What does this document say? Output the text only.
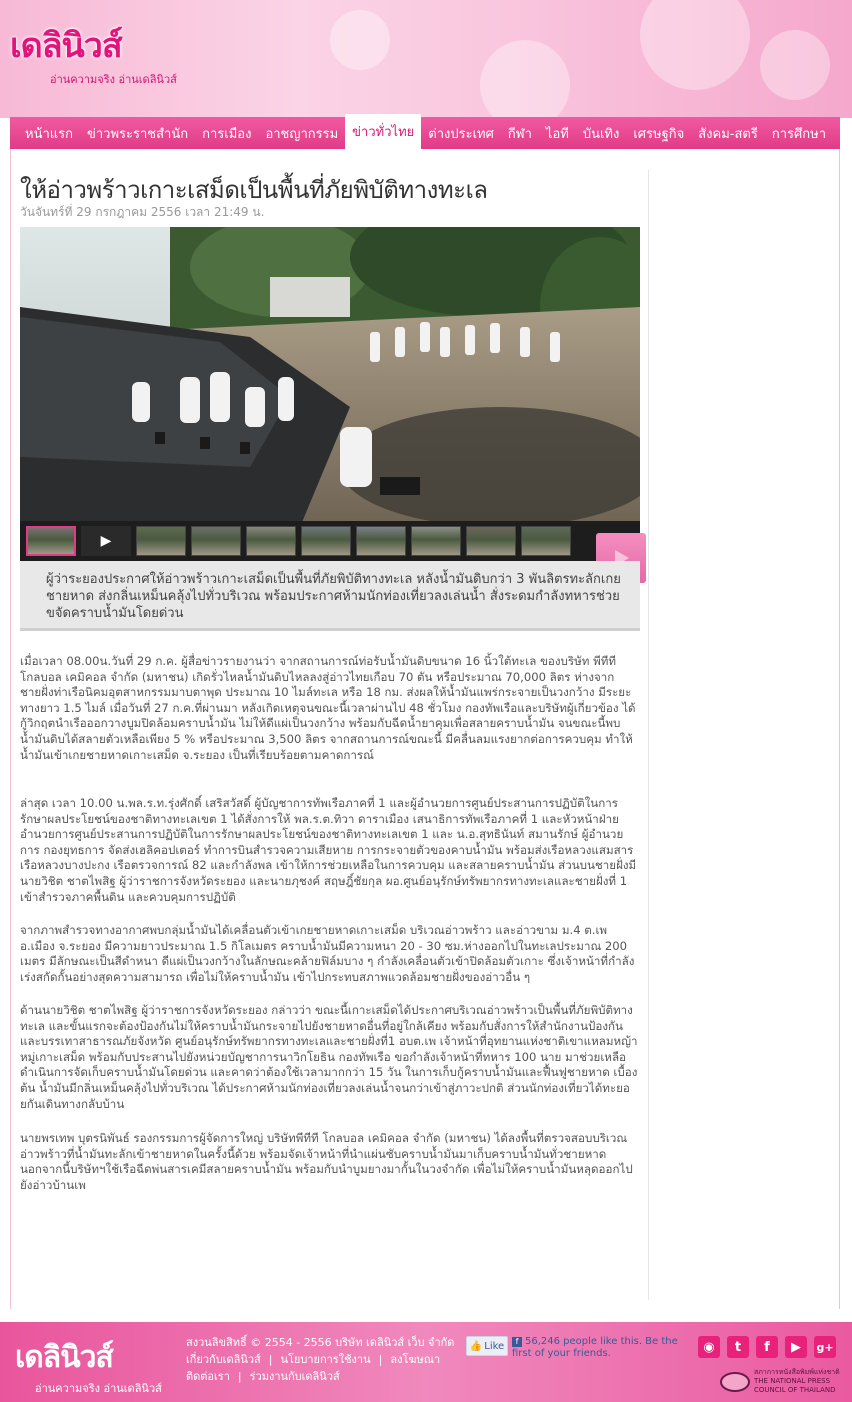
เดลินิวส์
อ่านความจริง อ่านเดลินิวส์
หน้าแรก	ข่าวพระราชสำนัก	การเมือง	อาชญากรรม	ข่าวทั่วไทย	ต่างประเทศ	กีฬา	ไอที	บันเทิง	เศรษฐกิจ	สังคม-สตรี	การศึกษา
ให้อ่าวพร้าวเกาะเสม็ดเป็นพื้นที่ภัยพิบัติทางทะเล
วันจันทร์ที่ 29 กรกฎาคม 2556 เวลา 21:49 น.
▶
ผู้ว่าระยองประกาศให้อ่าวพร้าวเกาะเสม็ดเป็นพื้นที่ภัยพิบัติทางทะเล หลังน้ำมันดิบกว่า 3 พันลิตรทะลักเกยชายหาด ส่งกลิ่นเหม็นคลุ้งไปทั่วบริเวณ พร้อมประกาศห้ามนักท่องเที่ยวลงเล่นน้ำ สั่งระดมกำลังทหารช่วยขจัดคราบน้ำมันโดยด่วน

เมื่อเวลา 08.00น.วันที่ 29 ก.ค. ผู้สื่อข่าวรายงานว่า จากสถานการณ์ท่อรับน้ำมันดิบขนาด 16 นิ้วใต้ทะเล ของบริษัท พีทีที โกลบอล เคมิคอล จำกัด (มหาชน) เกิดรั่วไหลน้ำมันดิบไหลลงสู่อ่าวไทยเกือบ 70 ตัน หรือประมาณ 70,000 ลิตร ห่างจากชายฝั่งท่าเรือนิคมอุตสาหกรรมมาบตาพุด ประมาณ 10 ไมล์ทะเล หรือ 18 กม. ส่งผลให้น้ำมันแพร่กระจายเป็นวงกว้าง มีระยะทางยาว 1.5 ไมล์ เมื่อวันที่ 27 ก.ค.ที่ผ่านมา หลังเกิดเหตุจนขณะนี้เวลาผ่านไป 48 ชั่วโมง กองทัพเรือและบริษัทผู้เกี่ยวข้อง ได้กู้วิกฤตนำเรือออกวางบูมปิดล้อมคราบน้ำมัน ไม่ให้ดีแผ่เป็นวงกว้าง พร้อมกับฉีดน้ำยาคุมเพื่อสลายคราบน้ำมัน จนขณะนี้พบน้ำมันดิบได้สลายตัวเหลือเพียง 5 % หรือประมาณ 3,500 ลิตร จากสถานการณ์ขณะนี้ มีคลื่นลมแรงยากต่อการควบคุม ทำให้น้ำมันเข้าเกยชายหาดเกาะเสม็ด จ.ระยอง เป็นที่เรียบร้อยตามคาดการณ์

ล่าสุด เวลา 10.00 น.พล.ร.ท.รุ่งศักดิ์ เสริสวัสดิ์ ผู้บัญชาการทัพเรือภาคที่ 1 และผู้อำนวยการศูนย์ประสานการปฏิบัติในการรักษาผลประโยชน์ของชาติทางทะเลเขต 1 ได้สั่งการให้ พล.ร.ต.ทิวา ดาราเมือง เสนาธิการทัพเรือภาคที่ 1 และหัวหน้าฝ่ายอำนวยการศูนย์ประสานการปฏิบัติในการรักษาผลประโยชน์ของชาติทางทะเลเขต 1 และ น.อ.สุทธินันท์ สมานรักษ์ ผู้อำนวยการ กองยุทธการ จัดส่งเฮลิคอปเตอร์ ทำการบินสำรวจความเสียหาย การกระจายตัวของคาบน้ำมัน พร้อมส่งเรือหลวงแสมสาร เรือหลวงบางปะกง เรือตรวจการณ์ 82 และกำลังพล เข้าให้การช่วยเหลือในการควบคุม และสลายคราบน้ำมัน ส่วนบนชายฝั่งมี นายวิชิต ชาตไพสิฐ ผู้ว่าราชการจังหวัดระยอง และนายภุชงค์ สฤษฎิ์ชัยกุล ผอ.ศูนย์อนุรักษ์ทรัพยากรทางทะเลและชายฝั่งที่ 1 เข้าสำรวจภาคพื้นดิน และควบคุมการปฏิบัติ

จากภาพสำรวจทางอากาศพบกลุ่มน้ำมันได้เคลื่อนตัวเข้าเกยชายหาดเกาะเสม็ด บริเวณอ่าวพร้าว และอ่าวขาม ม.4 ต.เพ อ.เมือง จ.ระยอง มีความยาวประมาณ 1.5 กิโลเมตร คราบน้ำมันมีความหนา 20 - 30 ซม.ห่างออกไปในทะเลประมาณ 200 เมตร มีลักษณะเป็นสีดำหนา ดีแผ่เป็นวงกว้างในลักษณะคล้ายฟิล์มบาง ๆ กำลังเคลื่อนตัวเข้าปิดล้อมตัวเกาะ ซึ่งเจ้าหน้าที่กำลังเร่งสกัดกั้นอย่างสุดความสามารถ เพื่อไม่ให้คราบน้ำมัน เข้าไปกระทบสภาพแวดล้อมชายฝั่งของอ่าวอื่น ๆ

ด้านนายวิชิต ชาตไพสิฐ ผู้ว่าราชการจังหวัดระยอง กล่าวว่า ขณะนี้เกาะเสม็ดได้ประกาศบริเวณอ่าวพร้าวเป็นพื้นที่ภัยพิบัติทางทะเล และขั้นแรกจะต้องป้องกันไม่ให้คราบน้ำมันกระจายไปยังชายหาดอื่นที่อยู่ใกล้เคียง พร้อมกับสั่งการให้สำนักงานป้องกันและบรรเทาสาธารณภัยจังหวัด ศูนย์อนุรักษ์ทรัพยากรทางทะเลและชายฝั่งที่1 อบต.เพ เจ้าหน้าที่อุทยานแห่งชาติเขาแหลมหญ้าหมู่เกาะเสม็ด พร้อมกับประสานไปยังหน่วยบัญชาการนาวิกโยธิน กองทัพเรือ ขอกำลังเจ้าหน้าที่ทหาร 100 นาย มาช่วยเหลือดำเนินการจัดเก็บคราบน้ำมันโดยด่วน และคาดว่าต้องใช้เวลามากกว่า 15 วัน ในการเก็บกู้คราบน้ำมันและฟื้นฟูชายหาด เบื้องต้น น้ำมันมีกลิ่นเหม็นคลุ้งไปทั่วบริเวณ ได้ประกาศห้ามนักท่องเที่ยวลงเล่นน้ำจนกว่าเข้าสู่ภาวะปกติ ส่วนนักท่องเที่ยวได้ทะยอยกันเดินทางกลับบ้าน

นายพรเทพ บุตรนิพันธ์ รองกรรมการผู้จัดการใหญ่ บริษัทพีทีที โกลบอล เคมิคอล จำกัด (มหาชน) ได้ลงพื้นที่ตรวจสอบบริเวณอ่าวพร้าวที่น้ำมันทะลักเข้าชายหาดในครั้งนี้ด้วย พร้อมจัดเจ้าหน้าที่นำแผ่นซับคราบน้ำมันมาเก็บคราบน้ำมันทั่วชายหาด นอกจากนี้บริษัทฯใช้เรือฉีดพ่นสารเคมีสลายคราบน้ำมัน พร้อมกับนำบูมยางมากั้นในวงจำกัด เพื่อไม่ให้คราบน้ำมันหลุดออกไปยังอ่าวบ้านเพ

เดลินิวส์
อ่านความจริง อ่านเดลินิวส์
สงวนลิขสิทธิ์ © 2554 - 2556 บริษัท เดลินิวส์ เว็บ จำกัด
เกี่ยวกับเดลินิวส์ | นโยบายการใช้งาน | ลงโฆษณา
ติดต่อเรา | ร่วมงานกับเดลินิวส์
👍 Like	f 56,246 people like this. Be the first of your friends.	◉	t	f	▶	g+
สภาการหนังสือพิมพ์แห่งชาติ THE NATIONAL PRESS COUNCIL OF THAILAND
